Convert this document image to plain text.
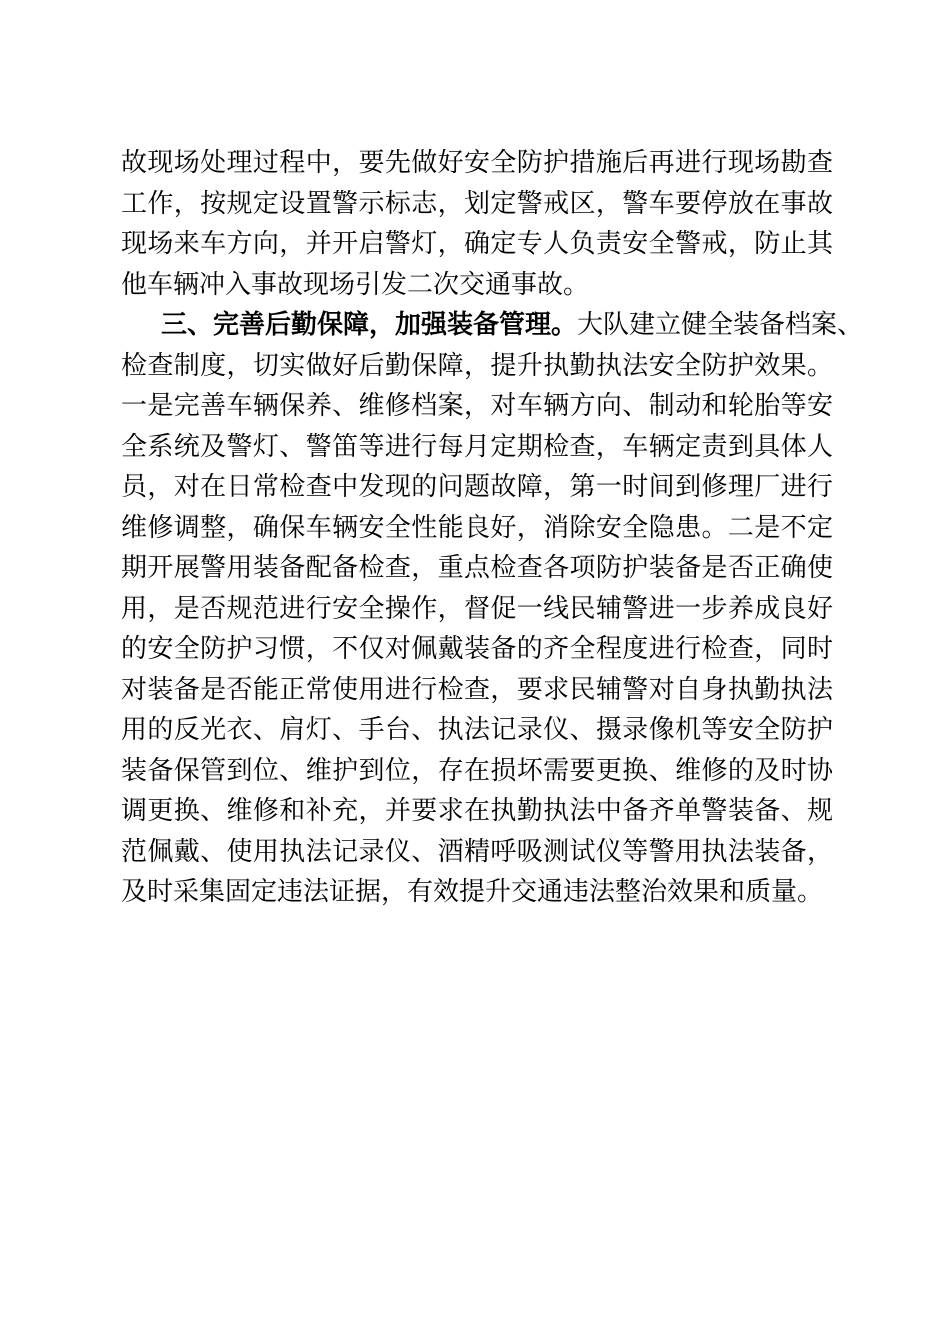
故现场处理过程中，要先做好安全防护措施后再进行现场勘查
工作，按规定设置警示标志，划定警戒区，警车要停放在事故
现场来车方向，并开启警灯，确定专人负责安全警戒，防止其
他车辆冲入事故现场引发二次交通事故。
三、完善后勤保障，加强装备管理。大队建立健全装备档案、
检查制度，切实做好后勤保障，提升执勤执法安全防护效果。
一是完善车辆保养、维修档案，对车辆方向、制动和轮胎等安
全系统及警灯、警笛等进行每月定期检查，车辆定责到具体人
员，对在日常检查中发现的问题故障，第一时间到修理厂进行
维修调整，确保车辆安全性能良好，消除安全隐患。二是不定
期开展警用装备配备检查，重点检查各项防护装备是否正确使
用，是否规范进行安全操作，督促一线民辅警进一步养成良好
的安全防护习惯，不仅对佩戴装备的齐全程度进行检查，同时
对装备是否能正常使用进行检查，要求民辅警对自身执勤执法
用的反光衣、肩灯、手台、执法记录仪、摄录像机等安全防护
装备保管到位、维护到位，存在损坏需要更换、维修的及时协
调更换、维修和补充，并要求在执勤执法中备齐单警装备、规
范佩戴、使用执法记录仪、酒精呼吸测试仪等警用执法装备，
及时采集固定违法证据，有效提升交通违法整治效果和质量。
